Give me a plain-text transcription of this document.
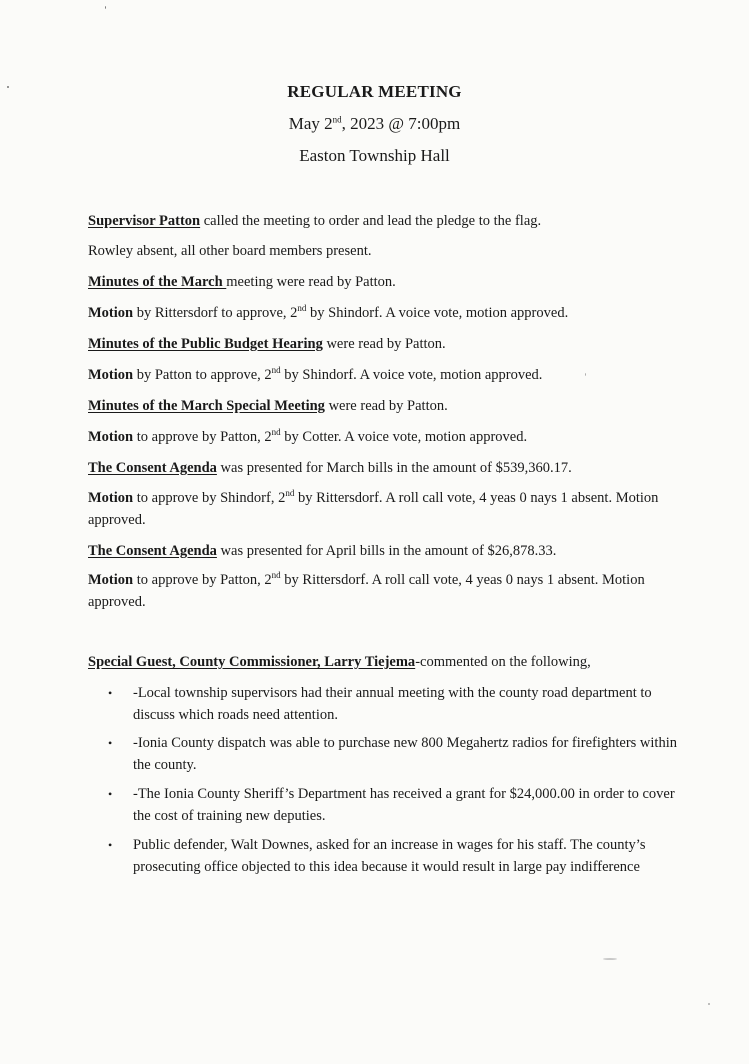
REGULAR MEETING
May 2nd, 2023 @ 7:00pm
Easton Township Hall
Supervisor Patton called the meeting to order and lead the pledge to the flag.
Rowley absent, all other board members present.
Minutes of the March meeting were read by Patton.
Motion by Rittersdorf to approve, 2nd by Shindorf. A voice vote, motion approved.
Minutes of the Public Budget Hearing were read by Patton.
Motion by Patton to approve, 2nd by Shindorf. A voice vote, motion approved.
Minutes of the March Special Meeting were read by Patton.
Motion to approve by Patton, 2nd by Cotter. A voice vote, motion approved.
The Consent Agenda was presented for March bills in the amount of $539,360.17.
Motion to approve by Shindorf, 2nd by Rittersdorf. A roll call vote, 4 yeas 0 nays 1 absent. Motion approved.
The Consent Agenda was presented for April bills in the amount of $26,878.33.
Motion to approve by Patton, 2nd by Rittersdorf. A roll call vote, 4 yeas 0 nays 1 absent. Motion approved.
Special Guest, County Commissioner, Larry Tiejema-commented on the following,
• -Local township supervisors had their annual meeting with the county road department to discuss which roads need attention.
• -Ionia County dispatch was able to purchase new 800 Megahertz radios for firefighters within the county.
• -The Ionia County Sheriff’s Department has received a grant for $24,000.00 in order to cover the cost of training new deputies.
• Public defender, Walt Downes, asked for an increase in wages for his staff. The county’s prosecuting office objected to this idea because it would result in large pay indifference
